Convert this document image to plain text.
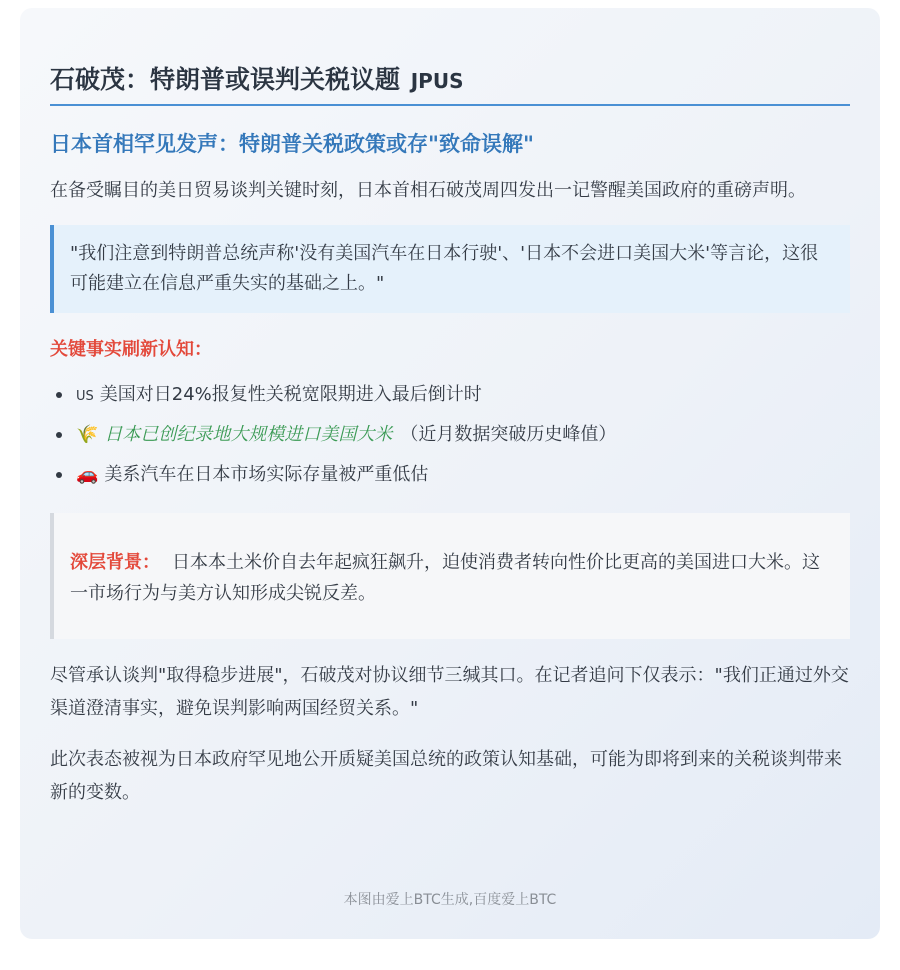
石破茂：特朗普或误判关税议题 JPUS
日本首相罕见发声：特朗普关税政策或存"致命误解"

在备受瞩目的美日贸易谈判关键时刻，日本首相石破茂周四发出一记警醒美国政府的重磅声明。

"我们注意到特朗普总统声称'没有美国汽车在日本行驶'、'日本不会进口美国大米'等言论，这很可能建立在信息严重失实的基础之上。"
关键事实刷新认知：
US 美国对日24%报复性关税宽限期进入最后倒计时
🌾 日本已创纪录地大规模进口美国大米 （近月数据突破历史峰值）
🚗 美系汽车在日本市场实际存量被严重低估
深层背景： 日本本土米价自去年起疯狂飙升，迫使消费者转向性价比更高的美国进口大米。这一市场行为与美方认知形成尖锐反差。

尽管承认谈判"取得稳步进展"，石破茂对协议细节三缄其口。在记者追问下仅表示："我们正通过外交渠道澄清事实，避免误判影响两国经贸关系。"

此次表态被视为日本政府罕见地公开质疑美国总统的政策认知基础，可能为即将到来的关税谈判带来新的变数。

本图由爱上BTC生成,百度爱上BTC
